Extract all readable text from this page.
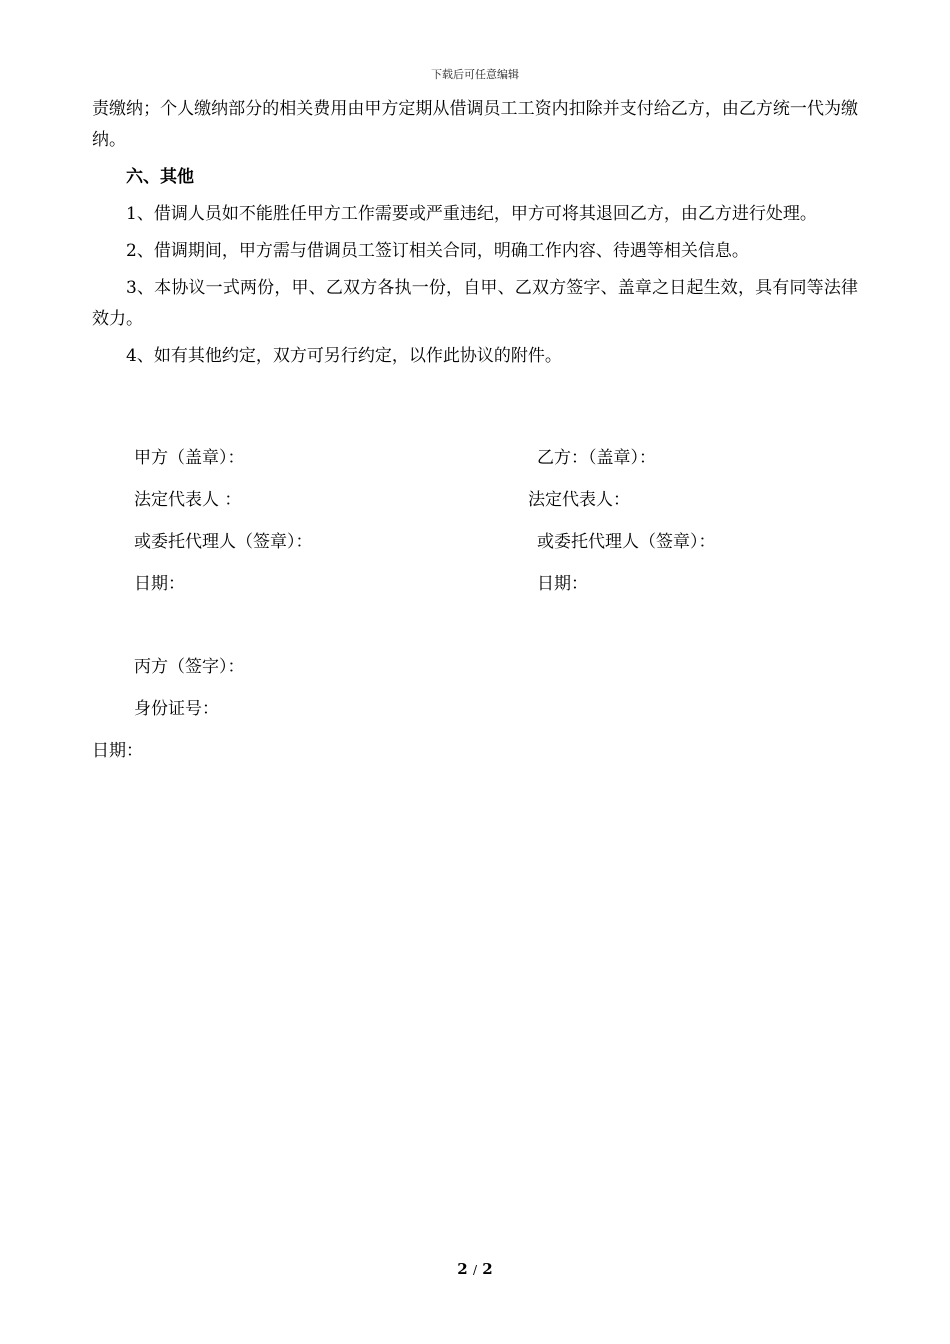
下载后可任意编辑

责缴纳；个人缴纳部分的相关费用由甲方定期从借调员工工资内扣除并支付给乙方，由乙方统一代为缴纳。

六、其他

1、借调人员如不能胜任甲方工作需要或严重违纪，甲方可将其退回乙方，由乙方进行处理。

2、借调期间，甲方需与借调员工签订相关合同，明确工作内容、待遇等相关信息。

3、本协议一式两份，甲、乙双方各执一份，自甲、乙双方签字、盖章之日起生效，具有同等法律效力。

4、如有其他约定，双方可另行约定，以作此协议的附件。

甲方（盖章）：
法定代表人 ：
或委托代理人（签章）：
日期：
乙方：（盖章）：
法定代表人：
或委托代理人（签章）：
日期：
丙方（签字）：
身份证号：
日期：
2 / 2
